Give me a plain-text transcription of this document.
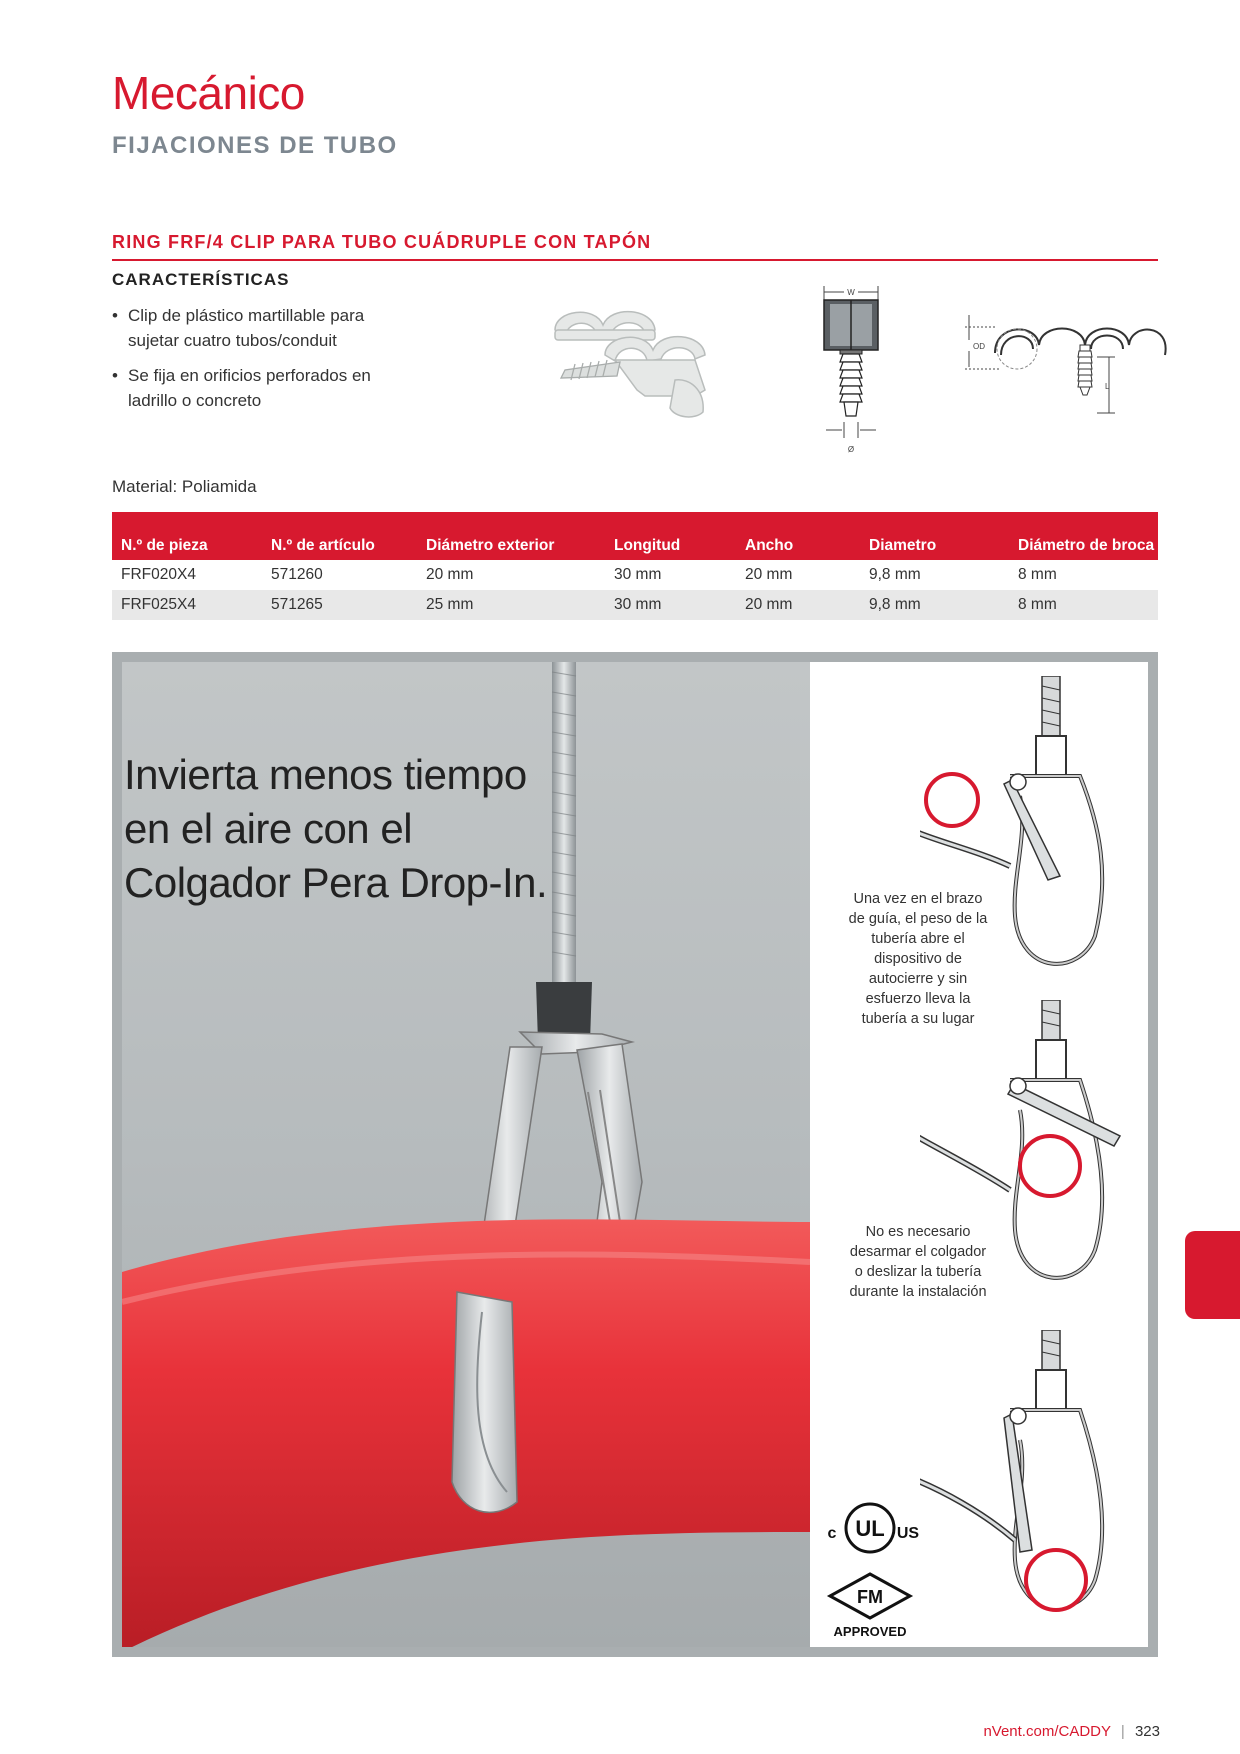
Mecánico
FIJACIONES DE TUBO
RING FRF/4 CLIP PARA TUBO CUÁDRUPLE CON TAPÓN
CARACTERÍSTICAS
• Clip de plástico martillable para sujetar cuatro tubos/conduit
• Se fija en orificios perforados en ladrillo o concreto
W
Ø
OD
L
Material: Poliamida
N.º de pieza	N.º de artículo	Diámetro exterior	Longitud	Ancho	Diametro	Diámetro de broca
FRF020X4	571260	20 mm	30 mm	20 mm	9,8 mm	8 mm
FRF025X4	571265	25 mm	30 mm	20 mm	9,8 mm	8 mm
Invierta menos tiempo en el aire con el Colgador Pera Drop-In.	Una vez en el brazo de guía, el peso de la tubería abre el dispositivo de autocierre y sin esfuerzo lleva la tubería a su lugar
No es necesario desarmar el colgador o deslizar la tubería durante la instalación
UL
c	US
FM
APPROVED
nVent.com/CADDY | 323
